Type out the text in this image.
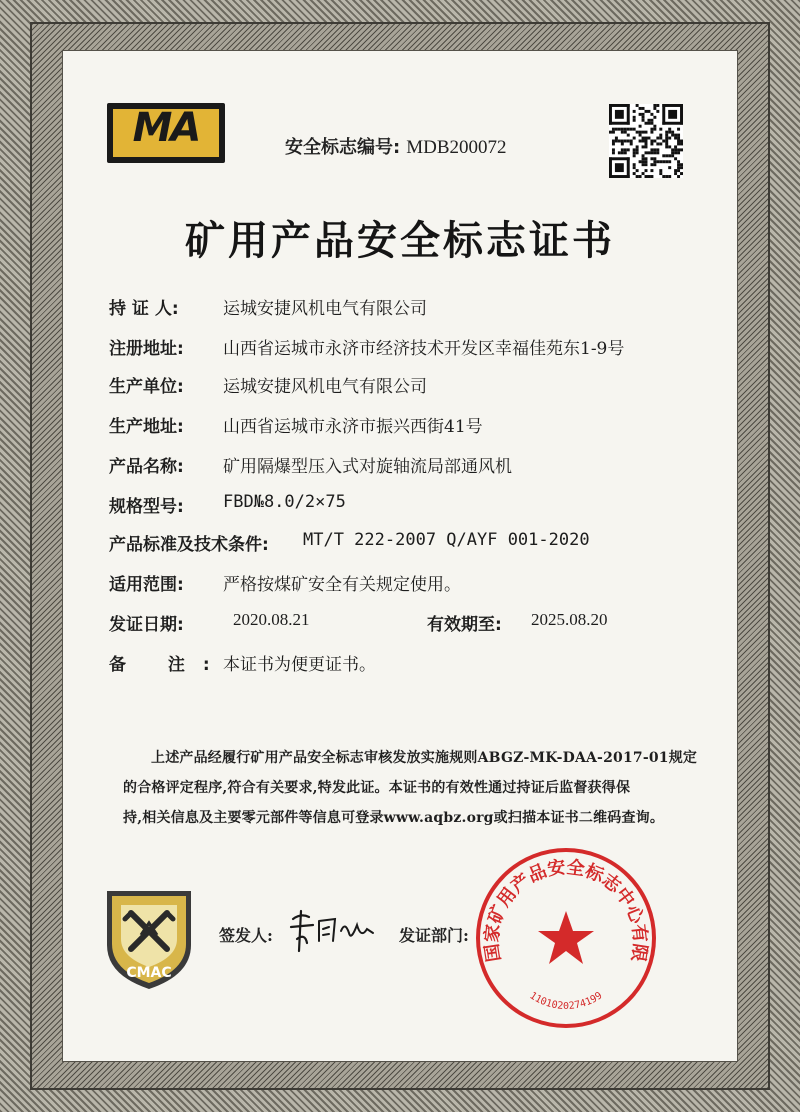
MA	安全标志编号: MDB200072
矿用产品安全标志证书
持 证 人:	运城安捷风机电气有限公司
注册地址: 山西省运城市永济市经济技术开发区幸福佳苑东1-9号
生产单位: 运城安捷风机电气有限公司
生产地址: 山西省运城市永济市振兴西街41号
产品名称: 矿用隔爆型压入式对旋轴流局部通风机
规格型号: FBD№8.0/2×75
产品标准及技术条件: MT/T 222-2007 Q/AYF 001-2020
适用范围: 严格按煤矿安全有关规定使用。
发证日期:	2020.08.21	有效期至: 2025.08.20
备 注:
本证书为便更证书。
上述产品经履行矿用产品安全标志审核发放实施规则ABGZ-MK-DAA-2017-01规定
的合格评定程序,符合有关要求,特发此证。本证书的有效性通过持证后监督获得保
持,相关信息及主要零元部件等信息可登录www.aqbz.org或扫描本证书二维码查询。
CMAC
签发人:	发证部门:
国家矿用产品安全标志中心有限
1101020274199
